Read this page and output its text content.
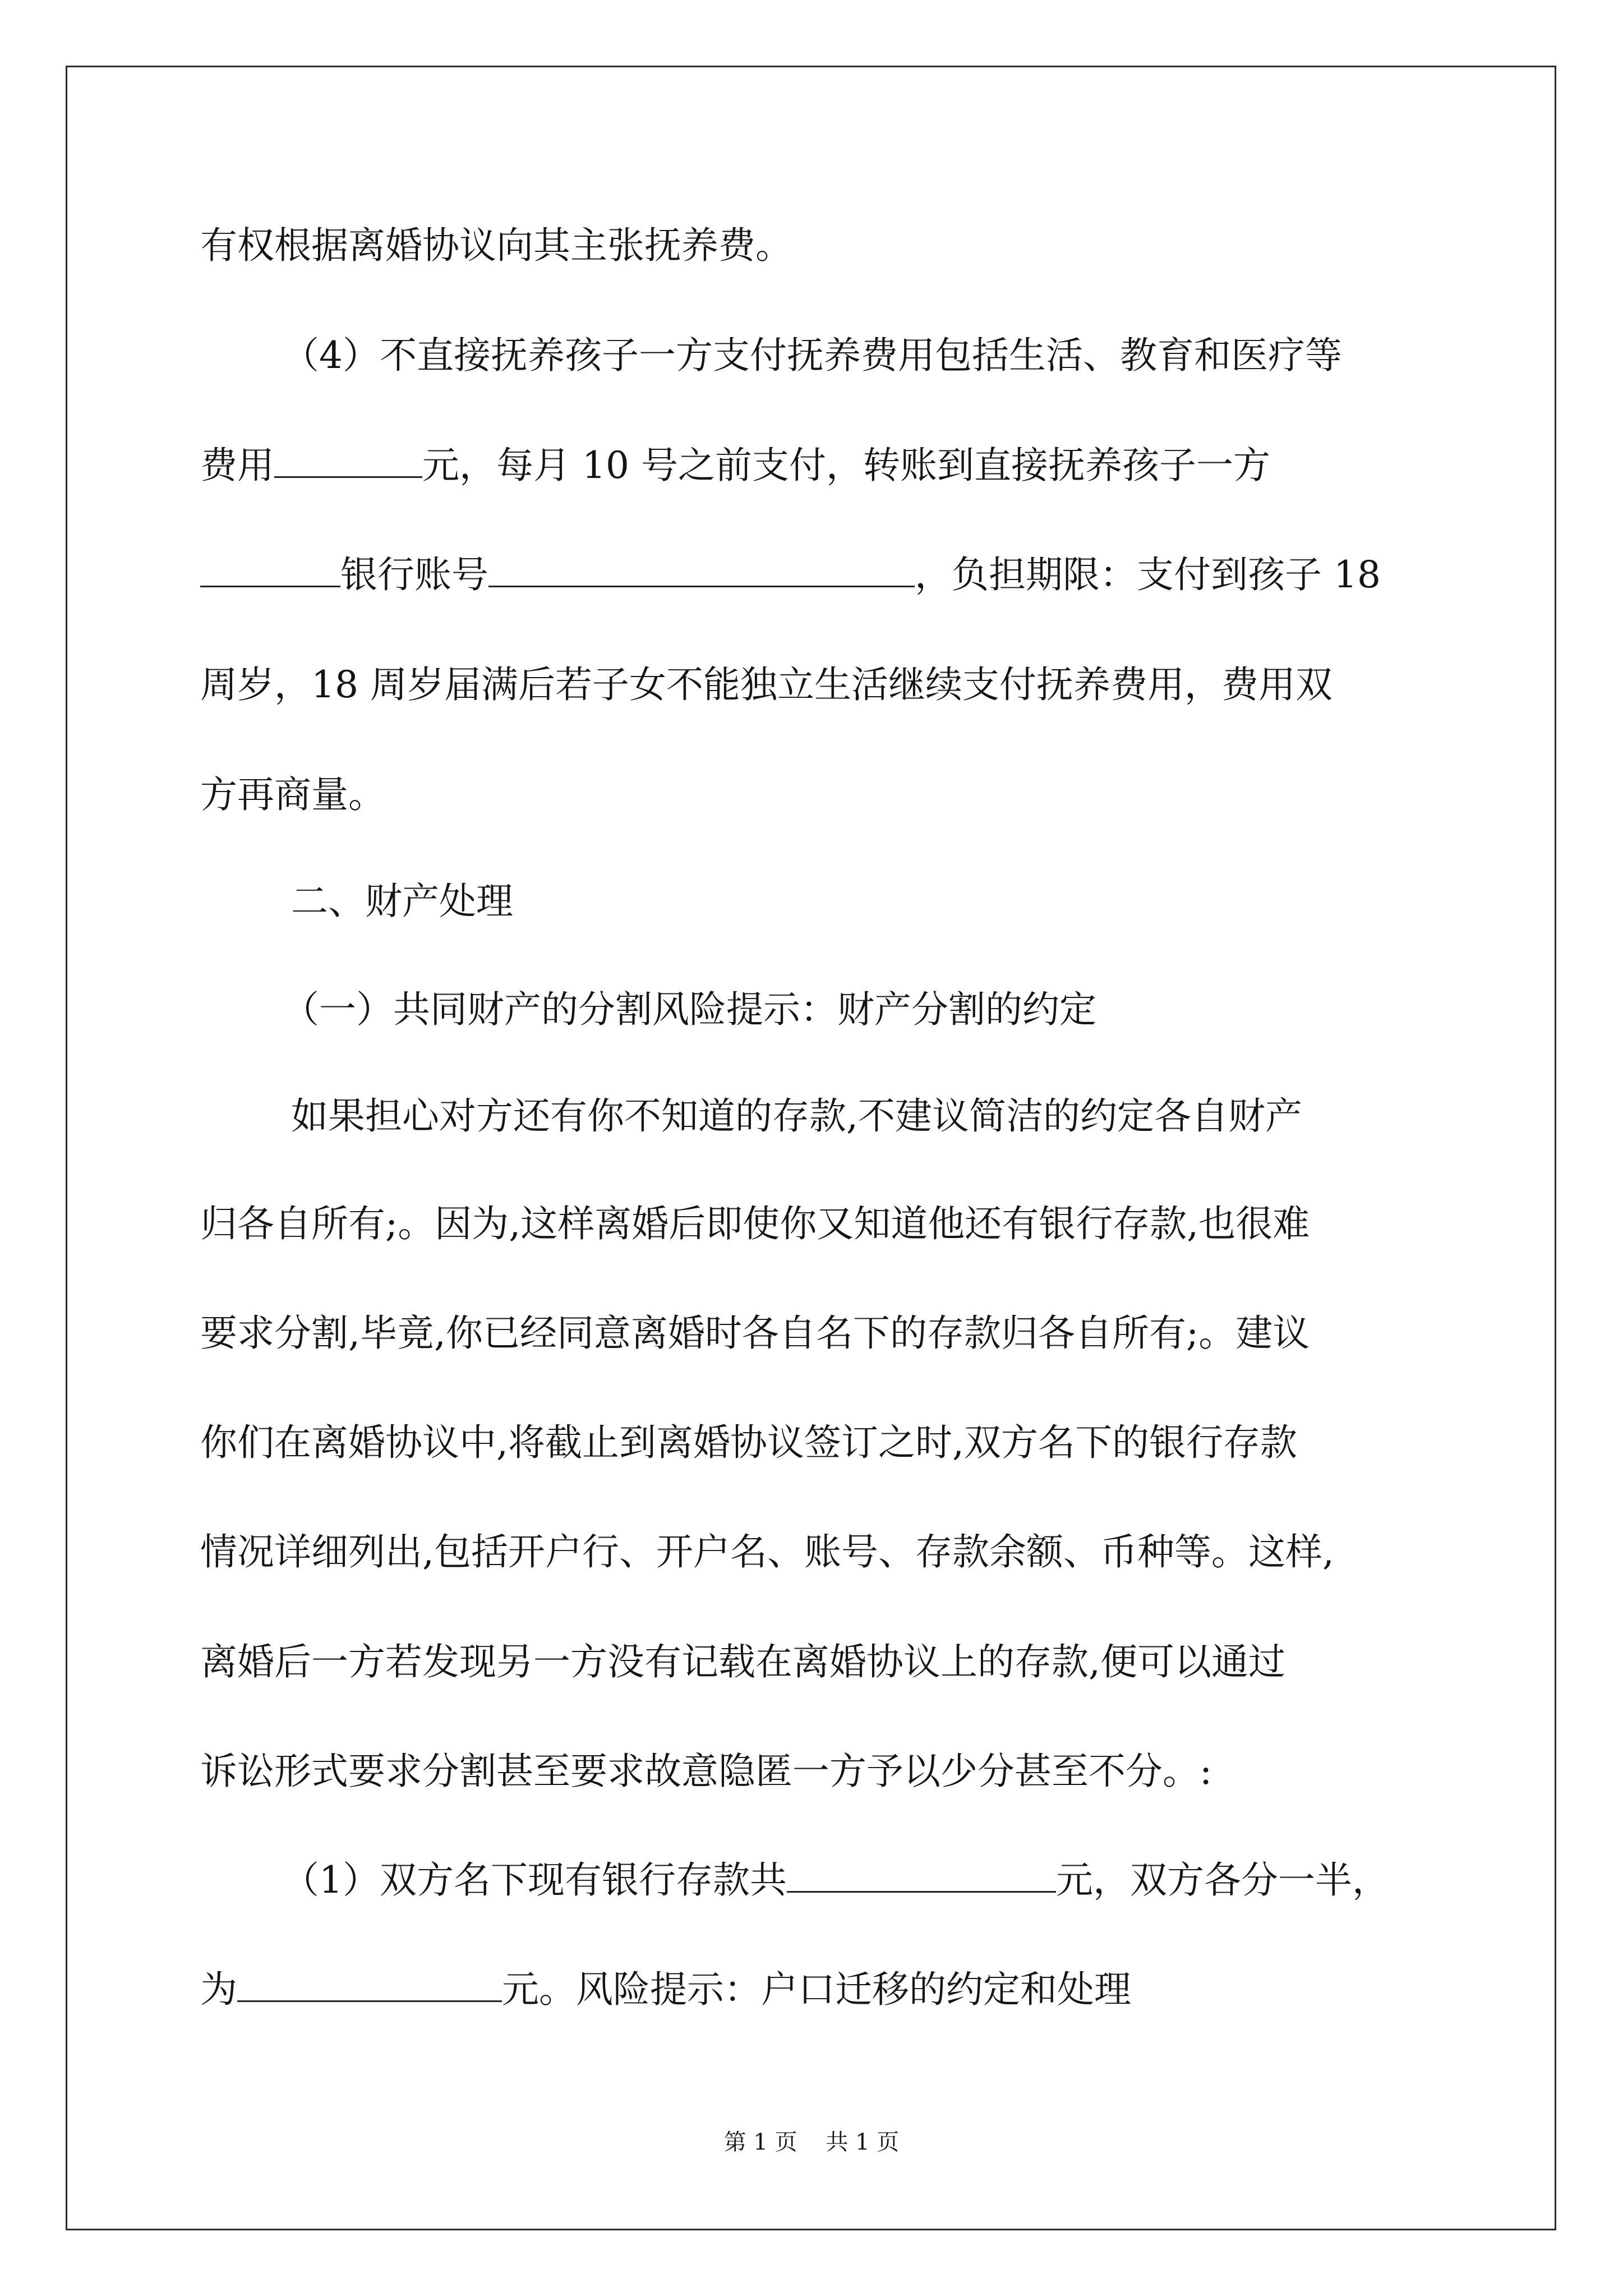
有权根据离婚协议向其主张抚养费。
（4）不直接抚养孩子一方支付抚养费用包括生活、教育和医疗等
费用	元，每月 10 号之前支付，转账到直接抚养孩子一方
银行账号	，负担期限：支付到孩子 18
周岁，18 周岁届满后若子女不能独立生活继续支付抚养费用，费用双
方再商量。
二、财产处理
（一）共同财产的分割风险提示：财产分割的约定
如果担心对方还有你不知道的存款,不建议简洁的约定各自财产
归各自所有;。因为,这样离婚后即使你又知道他还有银行存款,也很难
要求分割,毕竟,你已经同意离婚时各自名下的存款归各自所有;。建议
你们在离婚协议中,将截止到离婚协议签订之时,双方名下的银行存款
情况详细列出,包括开户行、开户名、账号、存款余额、币种等。这样,
离婚后一方若发现另一方没有记载在离婚协议上的存款,便可以通过
诉讼形式要求分割甚至要求故意隐匿一方予以少分甚至不分。:
（1）双方名下现有银行存款共	元，双方各分一半，
为	元。风险提示：户口迁移的约定和处理
第 1 页    共 1 页
